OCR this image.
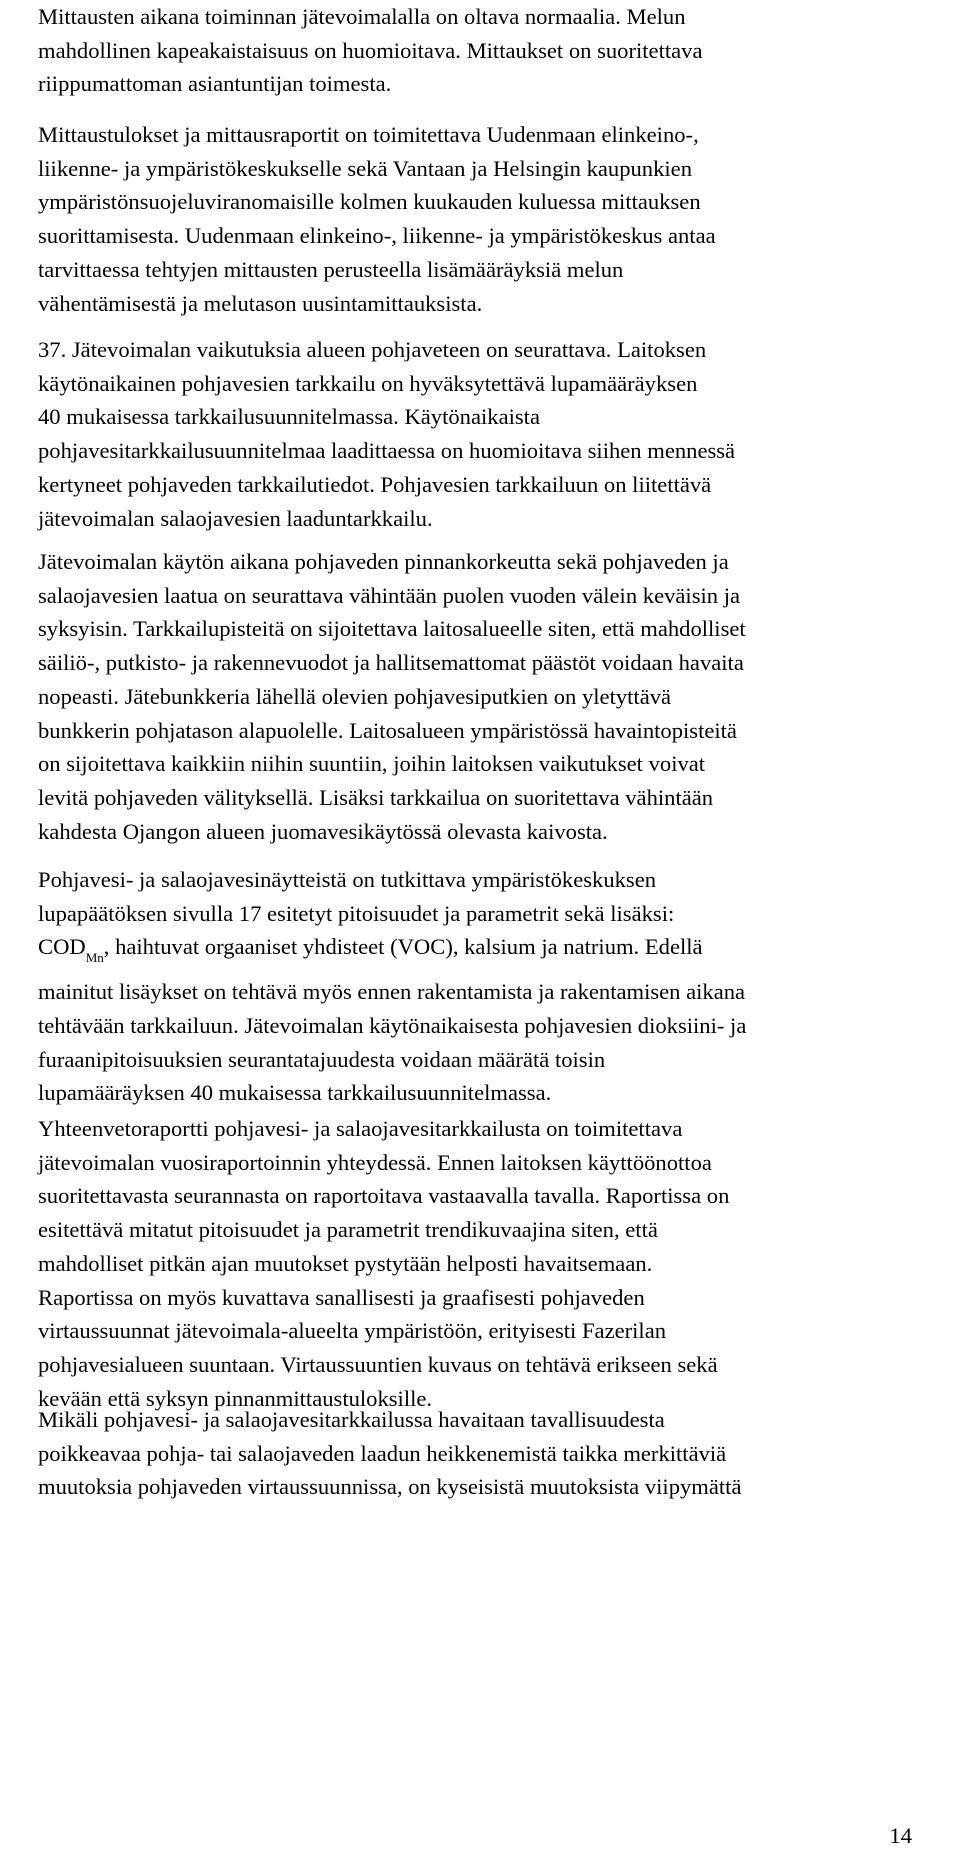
Mittausten aikana toiminnan jätevoimalalla on oltava normaalia. Melun
mahdollinen kapeakaistaisuus on huomioitava. Mittaukset on suoritettava
riippumattoman asiantuntijan toimesta.
Mittaustulokset ja mittausraportit on toimitettava Uudenmaan elinkeino-,
liikenne- ja ympäristökeskukselle sekä Vantaan ja Helsingin kaupunkien
ympäristönsuojeluviranomaisille kolmen kuukauden kuluessa mittauksen
suorittamisesta. Uudenmaan elinkeino-, liikenne- ja ympäristökeskus antaa
tarvittaessa tehtyjen mittausten perusteella lisämääräyksiä melun
vähentämisestä ja melutason uusintamittauksista.
37. Jätevoimalan vaikutuksia alueen pohjaveteen on seurattava. Laitoksen
käytönaikainen pohjavesien tarkkailu on hyväksytettävä lupamääräyksen
40 mukaisessa tarkkailusuunnitelmassa. Käytönaikaista
pohjavesitarkkailusuunnitelmaa laadittaessa on huomioitava siihen mennessä
kertyneet pohjaveden tarkkailutiedot. Pohjavesien tarkkailuun on liitettävä
jätevoimalan salaojavesien laaduntarkkailu.
Jätevoimalan käytön aikana pohjaveden pinnankorkeutta sekä pohjaveden ja
salaojavesien laatua on seurattava vähintään puolen vuoden välein keväisin ja
syksyisin. Tarkkailupisteitä on sijoitettava laitosalueelle siten, että mahdolliset
säiliö-, putkisto- ja rakennevuodot ja hallitsemattomat päästöt voidaan havaita
nopeasti. Jätebunkkeria lähellä olevien pohjavesiputkien on yletyttävä
bunkkerin pohjatason alapuolelle. Laitosalueen ympäristössä havaintopisteitä
on sijoitettava kaikkiin niihin suuntiin, joihin laitoksen vaikutukset voivat
levitä pohjaveden välityksellä. Lisäksi tarkkailua on suoritettava vähintään
kahdesta Ojangon alueen juomavesikäytössä olevasta kaivosta.
Pohjavesi- ja salaojavesinäytteistä on tutkittava ympäristökeskuksen
lupapäätöksen sivulla 17 esitetyt pitoisuudet ja parametrit sekä lisäksi:
$COD_{Mn}$, haihtuvat orgaaniset yhdisteet (VOC), kalsium ja natrium. Edellä
mainitut lisäykset on tehtävä myös ennen rakentamista ja rakentamisen aikana
tehtävään tarkkailuun. Jätevoimalan käytönaikaisesta pohjavesien dioksiini- ja
furaanipitoisuuksien seurantatajuudesta voidaan määrätä toisin
lupamääräyksen 40 mukaisessa tarkkailusuunnitelmassa.
Yhteenvetoraportti pohjavesi- ja salaojavesitarkkailusta on toimitettava
jätevoimalan vuosiraportoinnin yhteydessä. Ennen laitoksen käyttöönottoa
suoritettavasta seurannasta on raportoitava vastaavalla tavalla. Raportissa on
esitettävä mitatut pitoisuudet ja parametrit trendikuvaajina siten, että
mahdolliset pitkän ajan muutokset pystytään helposti havaitsemaan.
Raportissa on myös kuvattava sanallisesti ja graafisesti pohjaveden
virtaussuunnat jätevoimala-alueelta ympäristöön, erityisesti Fazerilan
pohjavesialueen suuntaan. Virtaussuuntien kuvaus on tehtävä erikseen sekä
kevään että syksyn pinnanmittaustuloksille.
Mikäli pohjavesi- ja salaojavesitarkkailussa havaitaan tavallisuudesta
poikkeavaa pohja- tai salaojaveden laadun heikkenemistä taikka merkittäviä
muutoksia pohjaveden virtaussuunnissa, on kyseisistä muutoksista viipymättä
14
